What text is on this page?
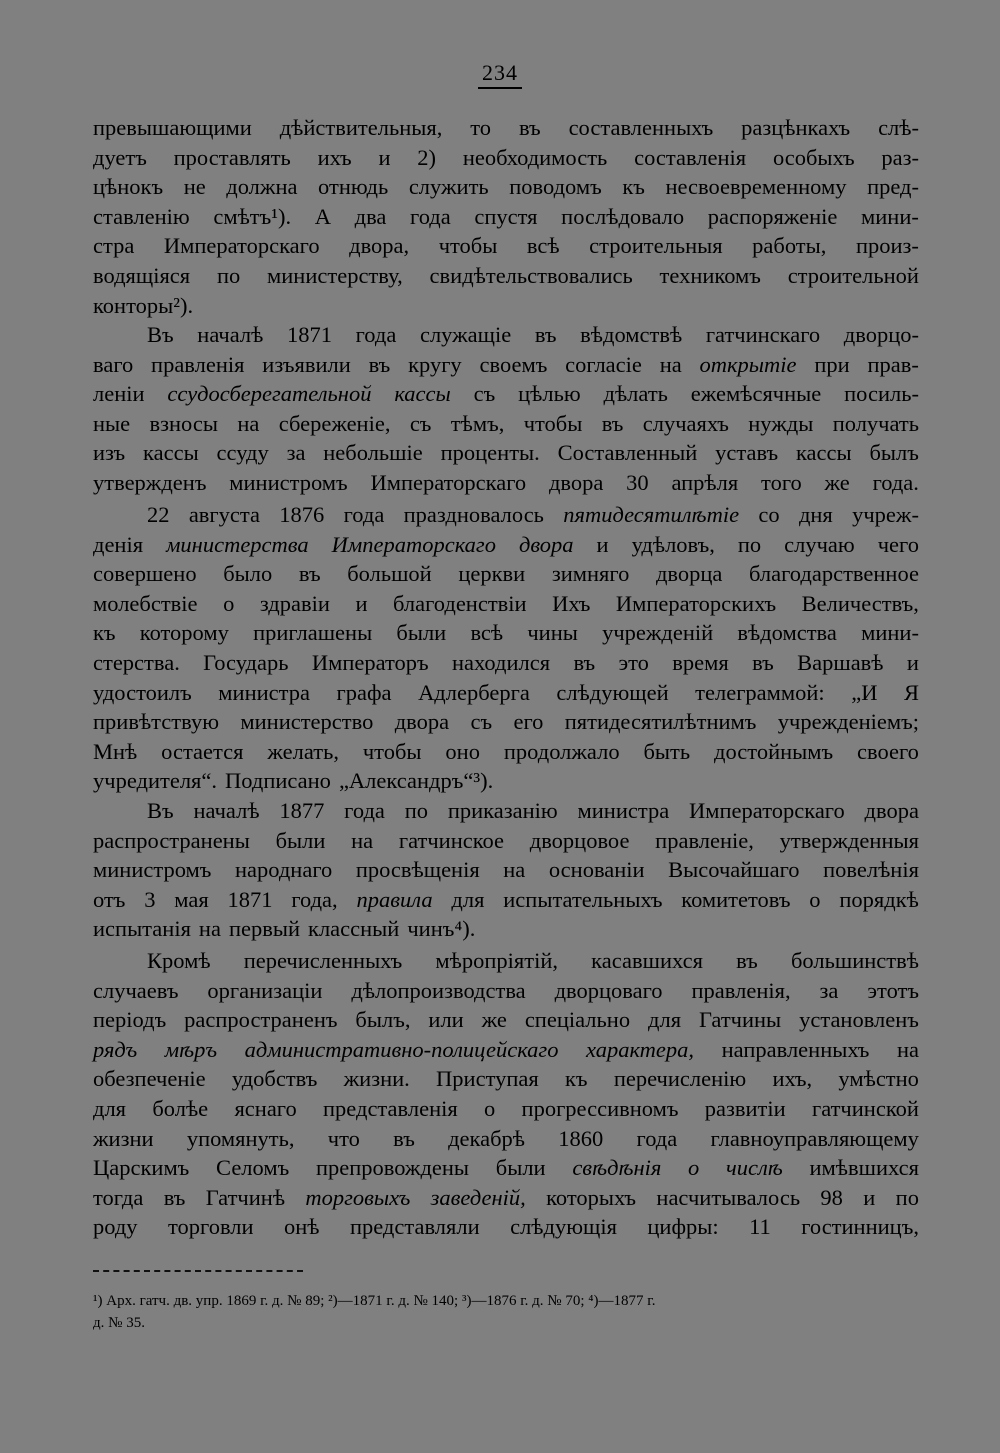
234
превышающими дѣйствительныя, то въ составленныхъ разцѣнкахъ слѣ-
дуетъ проставлять ихъ и 2) необходимость составленія особыхъ раз-
цѣнокъ не должна отнюдь служить поводомъ къ несвоевременному пред-
ставленію смѣтъ¹). А два года спустя послѣдовало распоряженіе мини-
стра Императорскаго двора, чтобы всѣ строительныя работы, произ-
водящіяся по министерству, свидѣтельствовались техникомъ строительной
конторы²).
Въ началѣ 1871 года служащіе въ вѣдомствѣ гатчинскаго дворцо-
ваго правленія изъявили въ кругу своемъ согласіе на открытіе при прав-
леніи ссудосберегательной кассы съ цѣлью дѣлать ежемѣсячные посиль-
ные взносы на сбереженіе, съ тѣмъ, чтобы въ случаяхъ нужды получать
изъ кассы ссуду за небольшіе проценты. Составленный уставъ кассы былъ
утвержденъ министромъ Императорскаго двора 30 апрѣля того же года.
22 августа 1876 года праздновалось пятидесятилѣтіе со дня учреж-
денія министерства Императорскаго двора и удѣловъ, по случаю чего
совершено было въ большой церкви зимняго дворца благодарственное
молебствіе о здравіи и благоденствіи Ихъ Императорскихъ Величествъ,
къ которому приглашены были всѣ чины учрежденій вѣдомства мини-
стерства. Государь Императоръ находился въ это время въ Варшавѣ и
удостоилъ министра графа Адлерберга слѣдующей телеграммой: „И Я
привѣтствую министерство двора съ его пятидесятилѣтнимъ учрежденіемъ;
Мнѣ остается желать, чтобы оно продолжало быть достойнымъ своего
учредителя“. Подписано „Александръ“³).
Въ началѣ 1877 года по приказанію министра Императорскаго двора
распространены были на гатчинское дворцовое правленіе, утвержденныя
министромъ народнаго просвѣщенія на основаніи Высочайшаго повелѣнія
отъ 3 мая 1871 года, правила для испытательныхъ комитетовъ о порядкѣ
испытанія на первый классный чинъ⁴).
Кромѣ перечисленныхъ мѣропріятій, касавшихся въ большинствѣ
случаевъ организаціи дѣлопроизводства дворцоваго правленія, за этотъ
періодъ распространенъ былъ, или же спеціально для Гатчины установленъ
рядъ мѣръ административно-полицейскаго характера, направленныхъ на
обезпеченіе удобствъ жизни. Приступая къ перечисленію ихъ, умѣстно
для болѣе яснаго представленія о прогрессивномъ развитіи гатчинской
жизни упомянуть, что въ декабрѣ 1860 года главноуправляющему
Царскимъ Селомъ препровождены были свѣдѣнія о числѣ имѣвшихся
тогда въ Гатчинѣ торговыхъ заведеній, которыхъ насчитывалось 98 и по
роду торговли онѣ представляли слѣдующія цифры: 11 гостинницъ,
¹) Арх. гатч. дв. упр. 1869 г. д. № 89; ²)—1871 г. д. № 140; ³)—1876 г. д. № 70; ⁴)—1877 г.
д. № 35.
